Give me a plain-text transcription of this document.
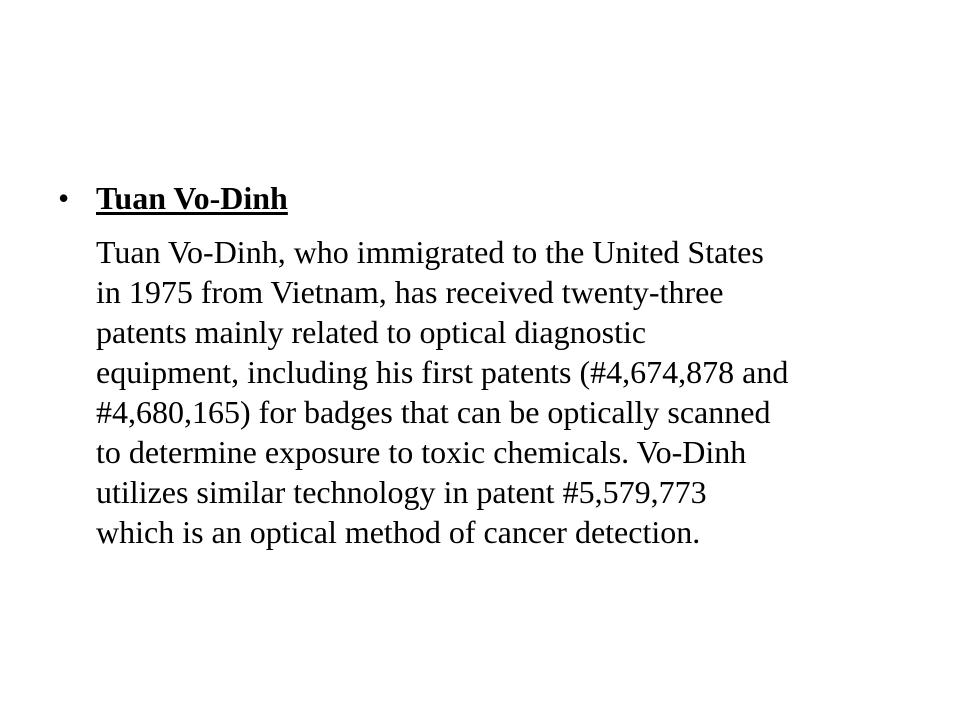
• Tuan Vo-Dinh
Tuan Vo-Dinh, who immigrated to the United States
in 1975 from Vietnam, has received twenty-three
patents mainly related to optical diagnostic
equipment, including his first patents (#4,674,878 and
#4,680,165) for badges that can be optically scanned
to determine exposure to toxic chemicals. Vo-Dinh
utilizes similar technology in patent #5,579,773
which is an optical method of cancer detection.
